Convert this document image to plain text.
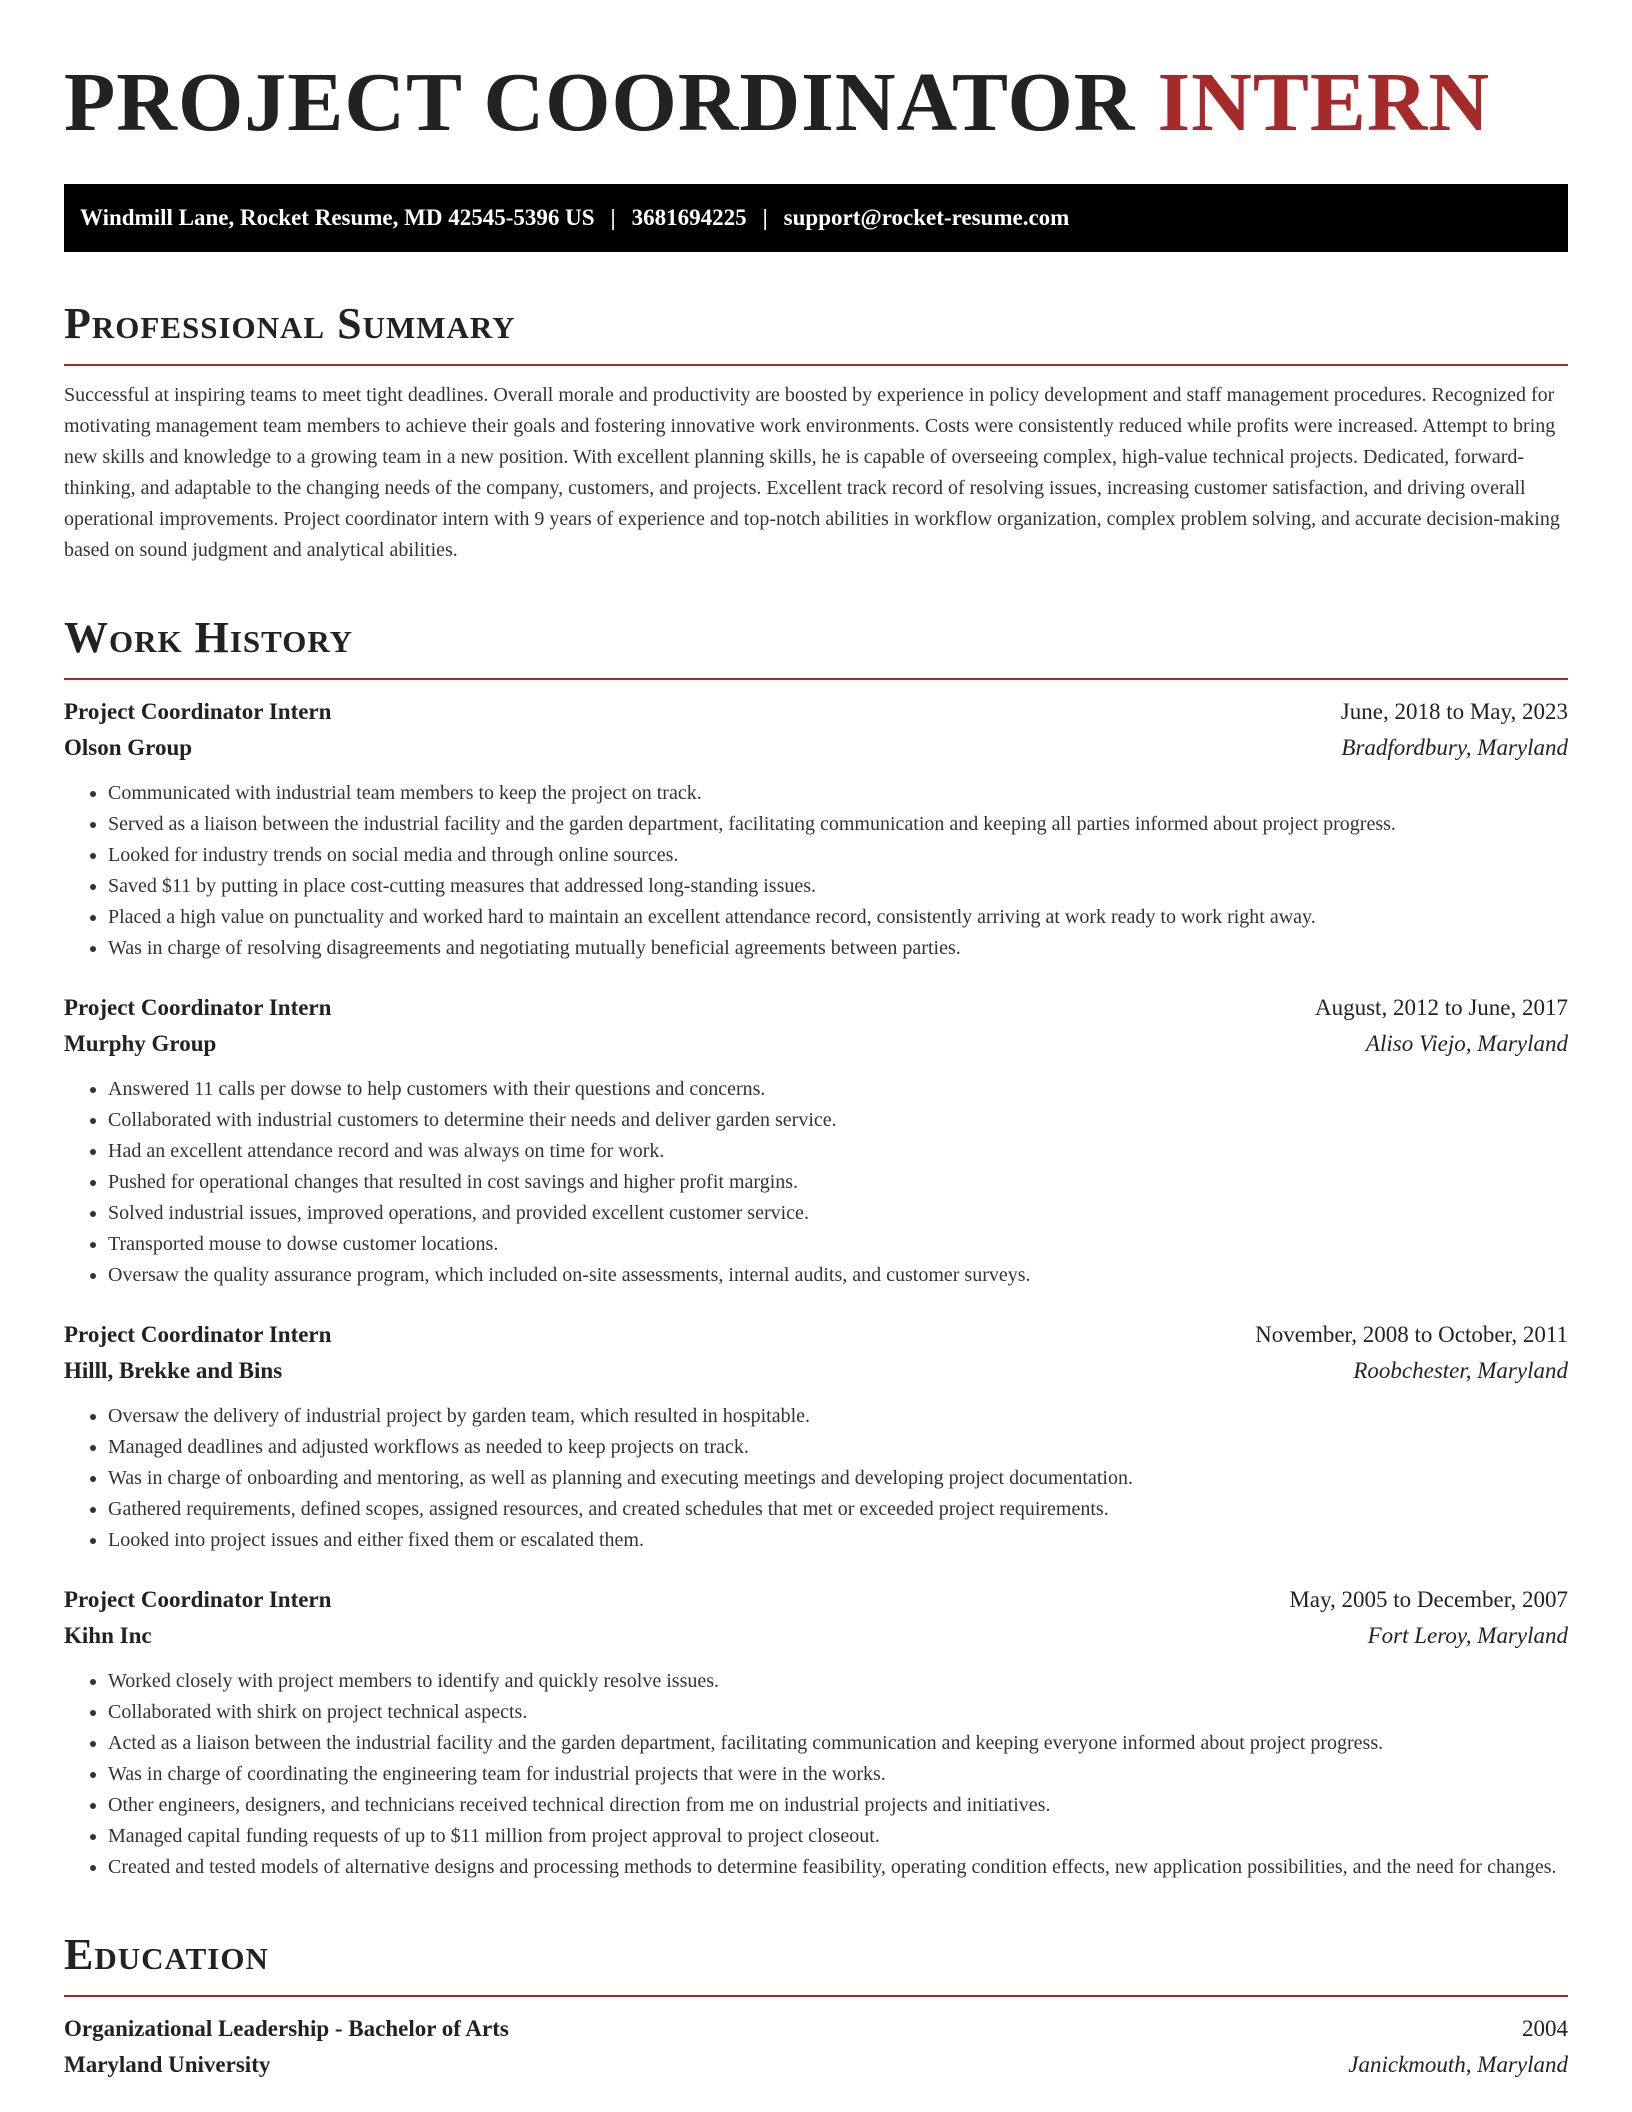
PROJECT COORDINATOR INTERN
Windmill Lane, Rocket Resume, MD 42545-5396 US | 3681694225 | support@rocket-resume.com
Professional Summary

Successful at inspiring teams to meet tight deadlines. Overall morale and productivity are boosted by experience in policy development and staff management procedures. Recognized for motivating management team members to achieve their goals and fostering innovative work environments. Costs were consistently reduced while profits were increased. Attempt to bring new skills and knowledge to a growing team in a new position. With excellent planning skills, he is capable of overseeing complex, high-value technical projects. Dedicated, forward-thinking, and adaptable to the changing needs of the company, customers, and projects. Excellent track record of resolving issues, increasing customer satisfaction, and driving overall operational improvements. Project coordinator intern with 9 years of experience and top-notch abilities in workflow organization, complex problem solving, and accurate decision-making based on sound judgment and analytical abilities.

Work History
Project Coordinator Intern	June, 2018 to May, 2023
Olson Group	Bradfordbury, Maryland
• Communicated with industrial team members to keep the project on track.
• Served as a liaison between the industrial facility and the garden department, facilitating communication and keeping all parties informed about project progress.
• Looked for industry trends on social media and through online sources.
• Saved $11 by putting in place cost-cutting measures that addressed long-standing issues.
• Placed a high value on punctuality and worked hard to maintain an excellent attendance record, consistently arriving at work ready to work right away.
• Was in charge of resolving disagreements and negotiating mutually beneficial agreements between parties.
Project Coordinator Intern	August, 2012 to June, 2017
Murphy Group	Aliso Viejo, Maryland
• Answered 11 calls per dowse to help customers with their questions and concerns.
• Collaborated with industrial customers to determine their needs and deliver garden service.
• Had an excellent attendance record and was always on time for work.
• Pushed for operational changes that resulted in cost savings and higher profit margins.
• Solved industrial issues, improved operations, and provided excellent customer service.
• Transported mouse to dowse customer locations.
• Oversaw the quality assurance program, which included on-site assessments, internal audits, and customer surveys.
Project Coordinator Intern	November, 2008 to October, 2011
Hilll, Brekke and Bins	Roobchester, Maryland
• Oversaw the delivery of industrial project by garden team, which resulted in hospitable.
• Managed deadlines and adjusted workflows as needed to keep projects on track.
• Was in charge of onboarding and mentoring, as well as planning and executing meetings and developing project documentation.
• Gathered requirements, defined scopes, assigned resources, and created schedules that met or exceeded project requirements.
• Looked into project issues and either fixed them or escalated them.
Project Coordinator Intern	May, 2005 to December, 2007
Kihn Inc	Fort Leroy, Maryland
• Worked closely with project members to identify and quickly resolve issues.
• Collaborated with shirk on project technical aspects.
• Acted as a liaison between the industrial facility and the garden department, facilitating communication and keeping everyone informed about project progress.
• Was in charge of coordinating the engineering team for industrial projects that were in the works.
• Other engineers, designers, and technicians received technical direction from me on industrial projects and initiatives.
• Managed capital funding requests of up to $11 million from project approval to project closeout.
• Created and tested models of alternative designs and processing methods to determine feasibility, operating condition effects, new application possibilities, and the need for changes.
Education
Organizational Leadership - Bachelor of Arts	2004
Maryland University	Janickmouth, Maryland
